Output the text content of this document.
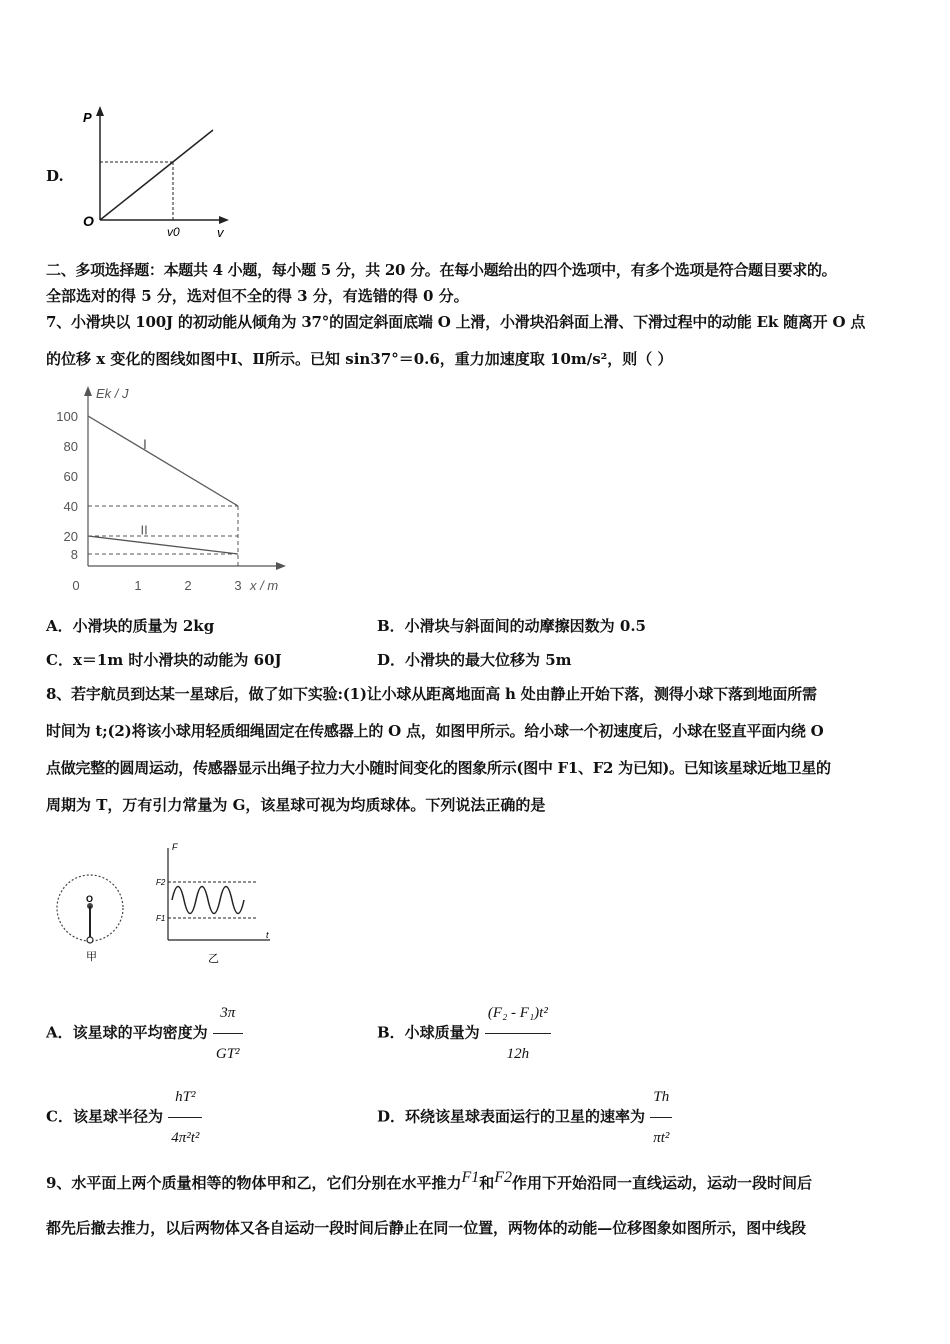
D.
P
O
v0	v
二、多项选择题：本题共 4 小题，每小题 5 分，共 20 分。在每小题给出的四个选项中，有多个选项是符合题目要求的。
全部选对的得 5 分，选对但不全的得 3 分，有选错的得 0 分。
7、小滑块以 100J 的初动能从倾角为 37°的固定斜面底端 O 上滑，小滑块沿斜面上滑、下滑过程中的动能 Ek 随离开 O 点
的位移 x 变化的图线如图中Ⅰ、Ⅱ所示。已知 sin37°＝0.6，重力加速度取 10m/s²，则（ ）
Ek / J
x / m
100
80
60
40
20
8
0	1	2	3
I
II
A．小滑块的质量为 2kg	B．小滑块与斜面间的动摩擦因数为 0.5
C．x＝1m 时小滑块的动能为 60J	D．小滑块的最大位移为 5m
8、若宇航员到达某一星球后，做了如下实验:(1)让小球从距离地面高 h 处由静止开始下落，测得小球下落到地面所需
时间为 t;(2)将该小球用轻质细绳固定在传感器上的 O 点，如图甲所示。给小球一个初速度后，小球在竖直平面内绕 O
点做完整的圆周运动，传感器显示出绳子拉力大小随时间变化的图象所示(图中 F1、F2 为已知)。已知该星球近地卫星的
周期为 T，万有引力常量为 G，该星球可视为均质球体。下列说法正确的是
O
甲
F
F2
F1
t
乙
A．该星球的平均密度为 $\frac{3\pi}{\text{GT²}}$	B．小球质量为 $\frac{\text{(F₂ - F₁)t²}}{12h}$
C．该星球半径为 $\frac{\text{hT²}}{\text{4π²t²}}$	D．环绕该星球表面运行的卫星的速率为 $\frac{Th}{\text{πt²}}$
9、水平面上两个质量相等的物体甲和乙，它们分别在水平推力F1和F2作用下开始沿同一直线运动，运动一段时间后
都先后撤去推力，以后两物体又各自运动一段时间后静止在同一位置，两物体的动能—位移图象如图所示，图中线段
